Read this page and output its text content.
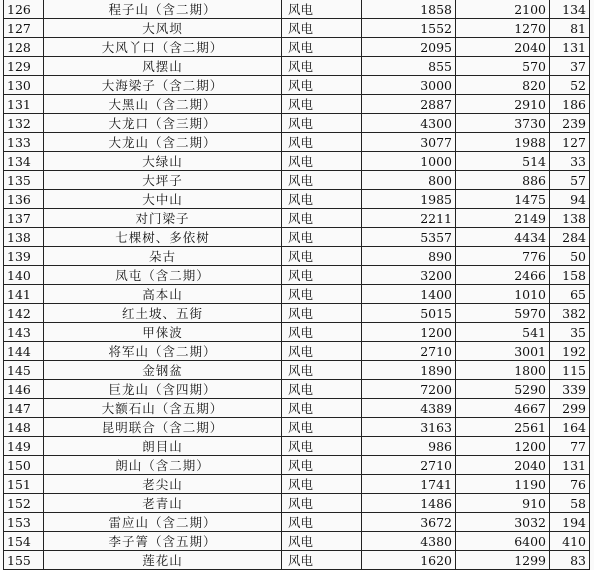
126	程子山（含二期）	风电	1858	2100	134
127	大风坝	风电	1552	1270	81
128	大风丫口（含二期）	风电	2095	2040	131
129	风摆山	风电	855	570	37
130	大海梁子（含二期）	风电	3000	820	52
131	大黑山（含二期）	风电	2887	2910	186
132	大龙口（含三期）	风电	4300	3730	239
133	大龙山（含二期）	风电	3077	1988	127
134	大绿山	风电	1000	514	33
135	大坪子	风电	800	886	57
136	大中山	风电	1985	1475	94
137	对门梁子	风电	2211	2149	138
138	七棵树、多依树	风电	5357	4434	284
139	朵古	风电	890	776	50
140	凤屯（含二期）	风电	3200	2466	158
141	高本山	风电	1400	1010	65
142	红土坡、五街	风电	5015	5970	382
143	甲俫波	风电	1200	541	35
144	将军山（含二期）	风电	2710	3001	192
145	金钢盆	风电	1890	1800	115
146	巨龙山（含四期）	风电	7200	5290	339
147	大额石山（含五期）	风电	4389	4667	299
148	昆明联合（含二期）	风电	3163	2561	164
149	朗目山	风电	986	1200	77
150	朗山（含二期）	风电	2710	2040	131
151	老尖山	风电	1741	1190	76
152	老青山	风电	1486	910	58
153	雷应山（含二期）	风电	3672	3032	194
154	李子箐（含五期）	风电	4380	6400	410
155	莲花山	风电	1620	1299	83
